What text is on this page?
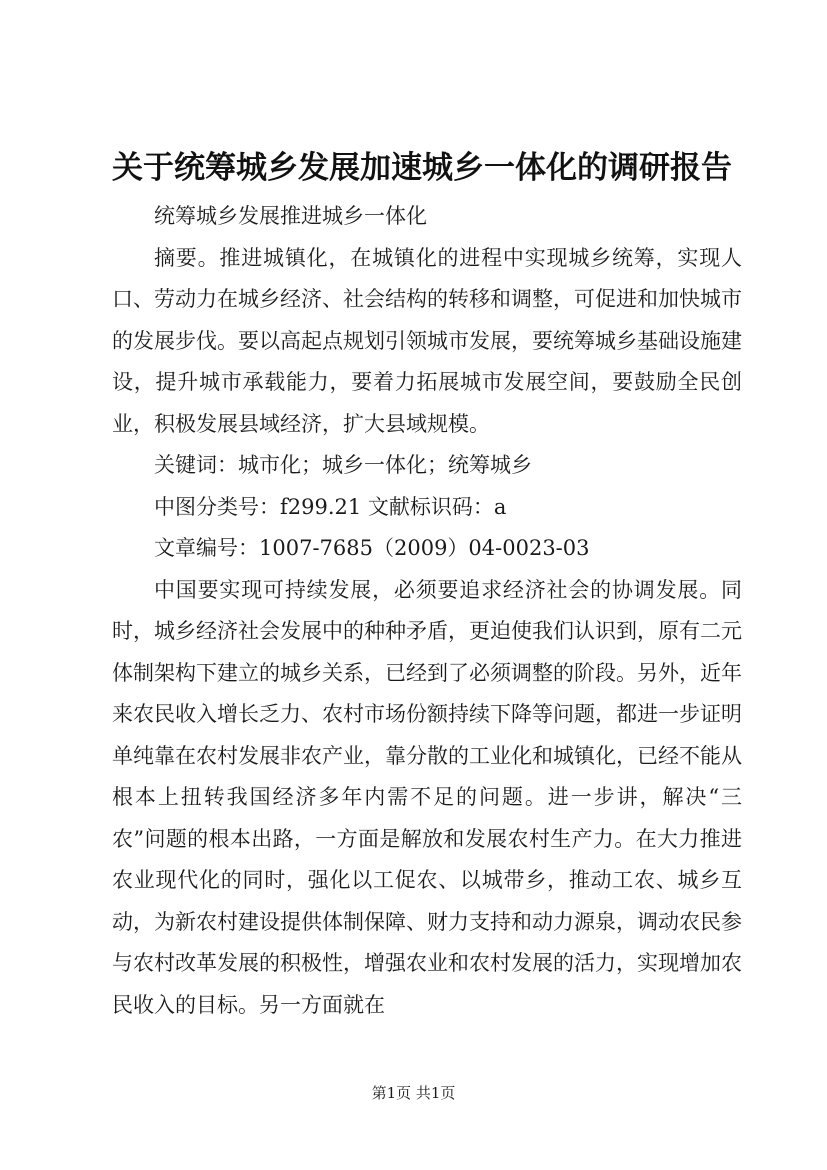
关于统筹城乡发展加速城乡一体化的调研报告

统筹城乡发展推进城乡一体化

摘要。推进城镇化，在城镇化的进程中实现城乡统筹，实现人口、劳动力在城乡经济、社会结构的转移和调整，可促进和加快城市的发展步伐。要以高起点规划引领城市发展，要统筹城乡基础设施建设，提升城市承载能力，要着力拓展城市发展空间，要鼓励全民创业，积极发展县域经济，扩大县域规模。

关键词：城市化；城乡一体化；统筹城乡

中图分类号：f299.21 文献标识码：a

文章编号：1007-7685（2009）04-0023-03

中国要实现可持续发展，必须要追求经济社会的协调发展。同时，城乡经济社会发展中的种种矛盾，更迫使我们认识到，原有二元体制架构下建立的城乡关系，已经到了必须调整的阶段。另外，近年来农民收入增长乏力、农村市场份额持续下降等问题，都进一步证明单纯靠在农村发展非农产业，靠分散的工业化和城镇化，已经不能从根本上扭转我国经济多年内需不足的问题。进一步讲，解决“三农”问题的根本出路，一方面是解放和发展农村生产力。在大力推进农业现代化的同时，强化以工促农、以城带乡，推动工农、城乡互动，为新农村建设提供体制保障、财力支持和动力源泉，调动农民参与农村改革发展的积极性，增强农业和农村发展的活力，实现增加农民收入的目标。另一方面就在

第1页 共1页
